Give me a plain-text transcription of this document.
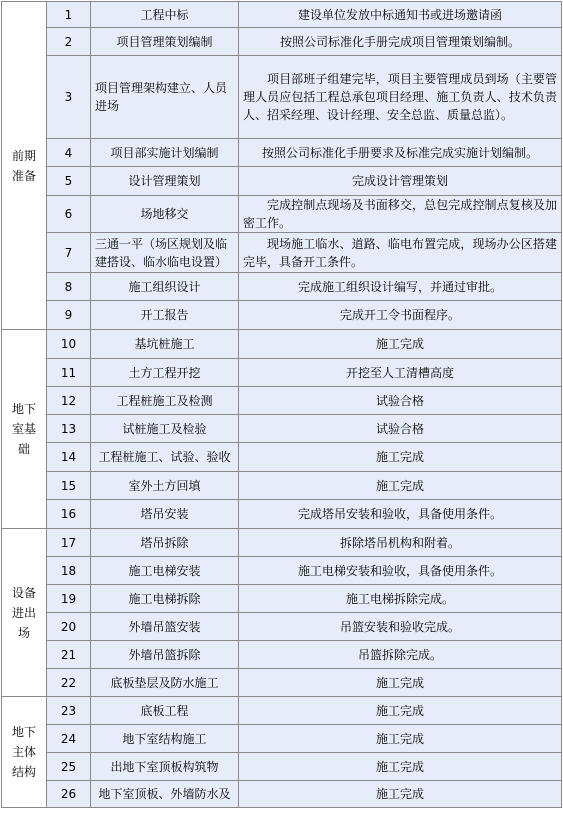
前期准备	1	工程中标	建设单位发放中标通知书或进场邀请函
	2	项目管理策划编制	按照公司标准化手册完成项目管理策划编制。
	3	项目管理架构建立、人员进场	项目部班子组建完毕，项目主要管理成员到场（主要管理人员应包括工程总承包项目经理、施工负责人、技术负责人、招采经理、设计经理、安全总监、质量总监）。
	4	项目部实施计划编制	按照公司标准化手册要求及标准完成实施计划编制。
	5	设计管理策划	完成设计管理策划
	6	场地移交	完成控制点现场及书面移交，总包完成控制点复核及加密工作。
	7	三通一平（场区规划及临建搭设、临水临电设置）	现场施工临水、道路、临电布置完成，现场办公区搭建完毕，具备开工条件。
	8	施工组织设计	完成施工组织设计编写，并通过审批。
	9	开工报告	完成开工令书面程序。
地下室基础	10	基坑桩施工	施工完成
	11	土方工程开挖	开挖至人工清槽高度
	12	工程桩施工及检测	试验合格
	13	试桩施工及检验	试验合格
	14	工程桩施工、试验、验收	施工完成
	15	室外土方回填	施工完成
	16	塔吊安装	完成塔吊安装和验收，具备使用条件。
设备进出场	17	塔吊拆除	拆除塔吊机构和附着。
	18	施工电梯安装	施工电梯安装和验收，具备使用条件。
	19	施工电梯拆除	施工电梯拆除完成。
	20	外墙吊篮安装	吊篮安装和验收完成。
	21	外墙吊篮拆除	吊篮拆除完成。
	22	底板垫层及防水施工	施工完成
地下主体结构	23	底板工程	施工完成
	24	地下室结构施工	施工完成
	25	出地下室顶板构筑物	施工完成
	26	地下室顶板、外墙防水及	施工完成
